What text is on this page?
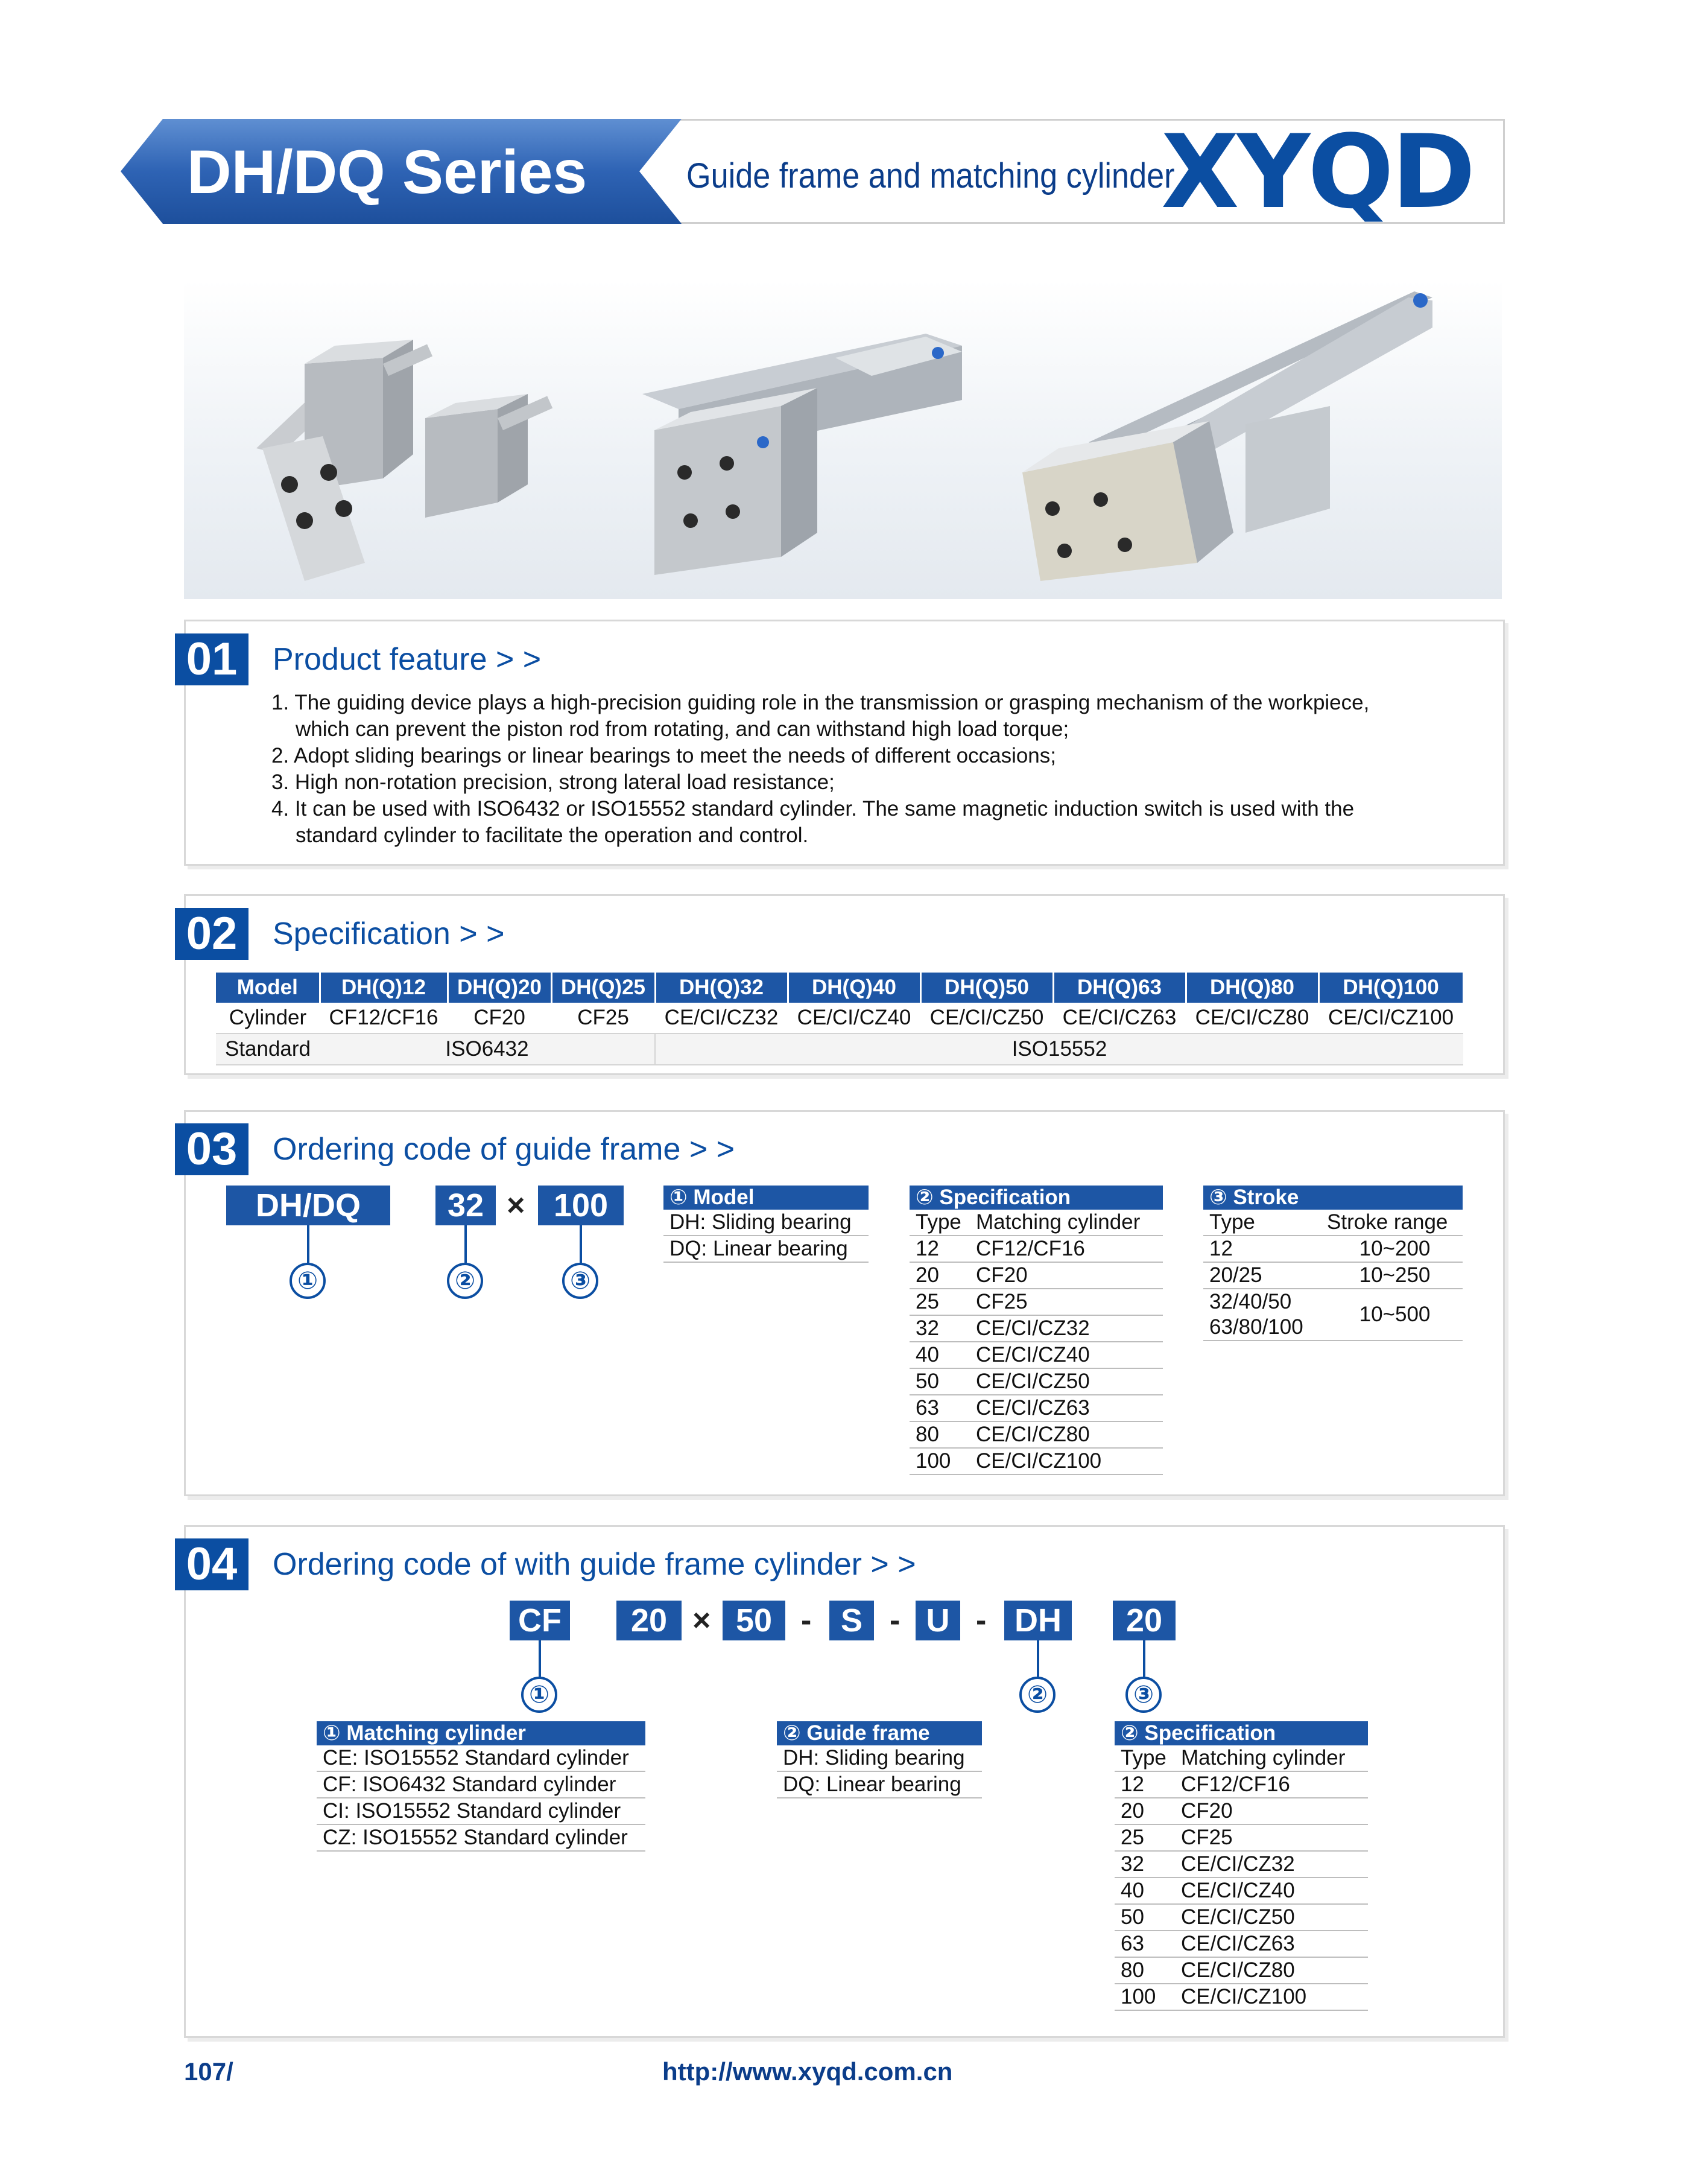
DH/DQ Series	Guide frame and matching cylinder
XYQD
01	Product feature > >
1. The guiding device plays a high-precision guiding role in the transmission or grasping mechanism of the workpiece,
which can prevent the piston rod from rotating, and can withstand high load torque;
2. Adopt sliding bearings or linear bearings to meet the needs of different occasions;
3. High non-rotation precision, strong lateral load resistance;
4. It can be used with ISO6432 or ISO15552 standard cylinder. The same magnetic induction switch is used with the
standard cylinder to facilitate the operation and control.
02	Specification > >
Model	DH(Q)12	DH(Q)20	DH(Q)25	DH(Q)32	DH(Q)40	DH(Q)50	DH(Q)63	DH(Q)80	DH(Q)100
Cylinder	CF12/CF16	CF20	CF25	CE/CI/CZ32	CE/CI/CZ40	CE/CI/CZ50	CE/CI/CZ63	CE/CI/CZ80	CE/CI/CZ100
Standard	ISO6432			ISO15552					
03	Ordering code of guide frame > >
DH/DQ	32 × 100
①	②	③
① Model
DH: Sliding bearing
DQ: Linear bearing
② Specification	
Type	Matching cylinder
12	CF12/CF16
20	CF20
25	CF25
32	CE/CI/CZ32
40	CE/CI/CZ40
50	CE/CI/CZ50
63	CE/CI/CZ63
80	CE/CI/CZ80
100	CE/CI/CZ100
③ Stroke	
Type	Stroke range
12	10~200
20/25	10~250
32/40/50	10~500
63/80/100	
04	Ordering code of with guide frame cylinder > >
CF	20 × 50 - S - U - DH	20
①	②	③
① Matching cylinder
CE: ISO15552 Standard cylinder
CF: ISO6432 Standard cylinder
CI: ISO15552 Standard cylinder
CZ: ISO15552 Standard cylinder
② Guide frame
DH: Sliding bearing
DQ: Linear bearing
② Specification	
Type	Matching cylinder
12	CF12/CF16
20	CF20
25	CF25
32	CE/CI/CZ32
40	CE/CI/CZ40
50	CE/CI/CZ50
63	CE/CI/CZ63
80	CE/CI/CZ80
100	CE/CI/CZ100
107/	http://www.xyqd.com.cn
